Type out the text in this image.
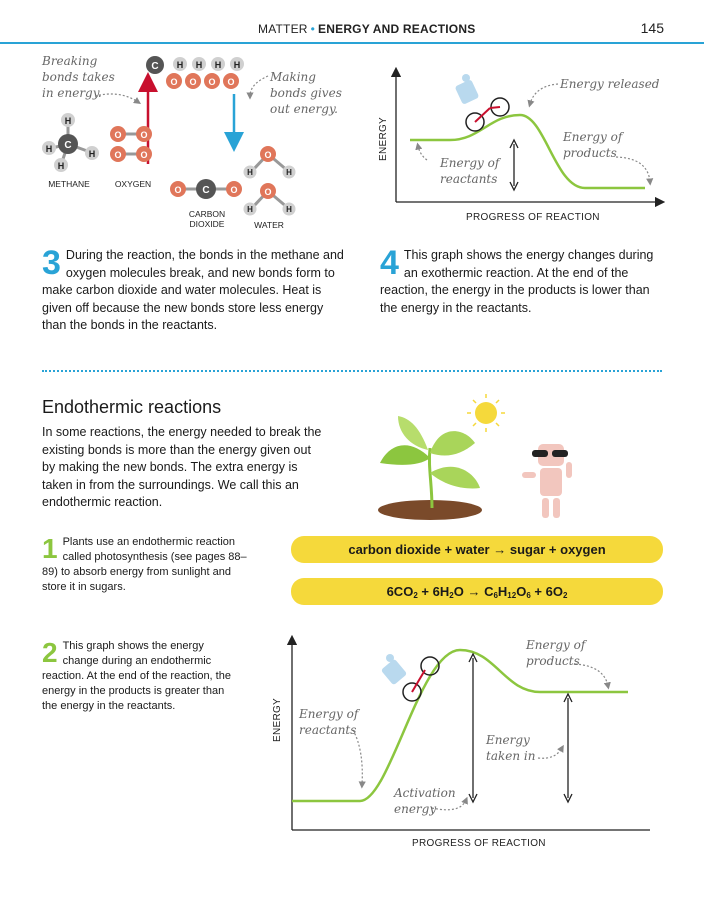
MATTER • ENERGY AND REACTIONS	145
Breaking
bonds takes
in energy.
Making
bonds gives
out energy.
C H H H H
O O O O
C
H
H	H
H
O O
O O
O C O
O
H	H
O
H	H
METHANE	OXYGEN
CARBON
DIOXIDE	WATER
ENERGY
PROGRESS OF REACTION
Energy released
Energy of
products
Energy of
reactants
3 During the reaction, the bonds in the methane and oxygen molecules break, and new bonds form to make carbon dioxide and water molecules. Heat is given off because the new bonds store less energy than the bonds in the reactants.
4 This graph shows the energy changes during an exothermic reaction. At the end of the reaction, the energy in the products is lower than the energy in the reactants.
Endothermic reactions
In some reactions, the energy needed to break the existing bonds is more than the energy given out by making the new bonds. The extra energy is taken in from the surroundings. We call this an endothermic reaction.
1 Plants use an endothermic reaction called photosynthesis (see pages 88–89) to absorb energy from sunlight and store it in sugars.
carbon dioxide + water → sugar + oxygen
$6CO_2 + 6H_2O \to C_6H_{12}O_6 + 6O_2$
2 This graph shows the energy change during an endothermic reaction. At the end of the reaction, the energy in the products is greater than the energy in the reactants.	ENERGY
PROGRESS OF REACTION
Energy of
products
Energy of
reactants
Energy
taken in
Activation
energy
